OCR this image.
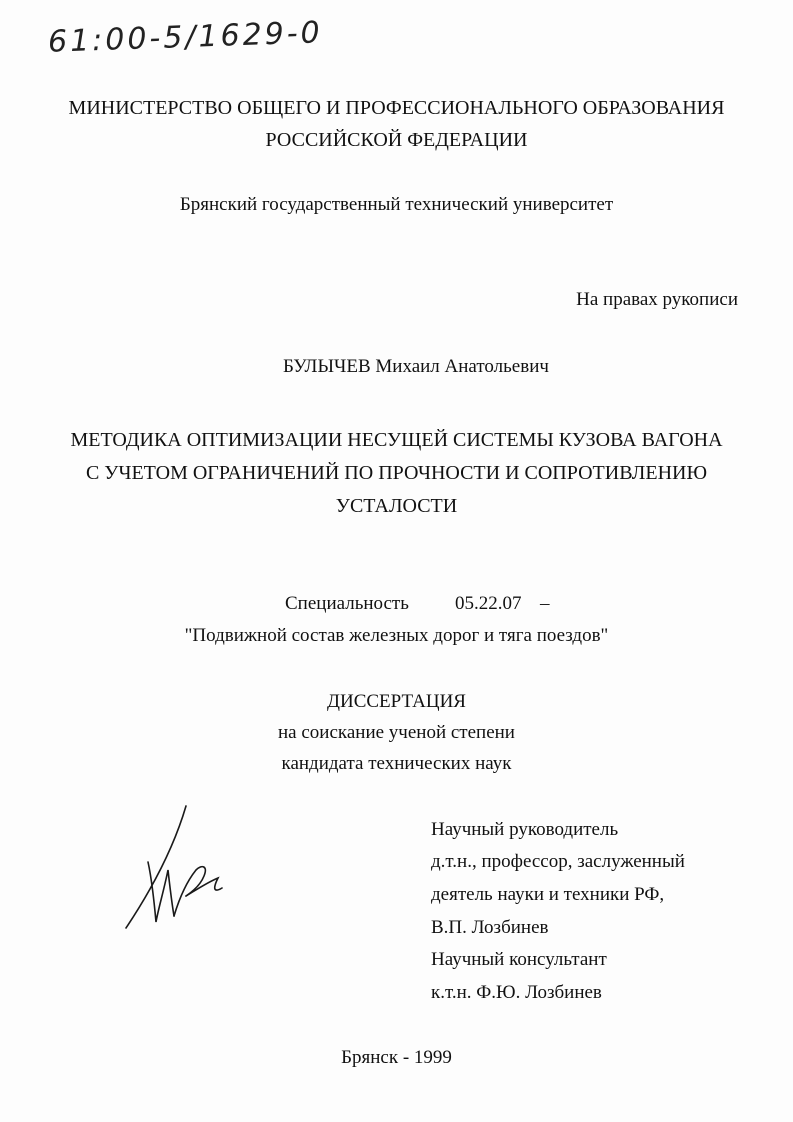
61:00-5/1629-0
МИНИСТЕРСТВО ОБЩЕГО И ПРОФЕССИОНАЛЬНОГО ОБРАЗОВАНИЯ
РОССИЙСКОЙ ФЕДЕРАЦИИ
Брянский государственный технический университет
На правах рукописи
БУЛЫЧЕВ Михаил Анатольевич
МЕТОДИКА ОПТИМИЗАЦИИ НЕСУЩЕЙ СИСТЕМЫ КУЗОВА ВАГОНА
С УЧЕТОМ ОГРАНИЧЕНИЙ ПО ПРОЧНОСТИ И СОПРОТИВЛЕНИЮ
УСТАЛОСТИ
Специальность 05.22.07 –
"Подвижной состав железных дорог и тяга поездов"
ДИССЕРТАЦИЯ
на соискание ученой степени
кандидата технических наук
Научный руководитель
д.т.н., профессор, заслуженный
деятель науки и техники РФ,
В.П. Лозбинев
Научный консультант
к.т.н. Ф.Ю. Лозбинев
Брянск - 1999
